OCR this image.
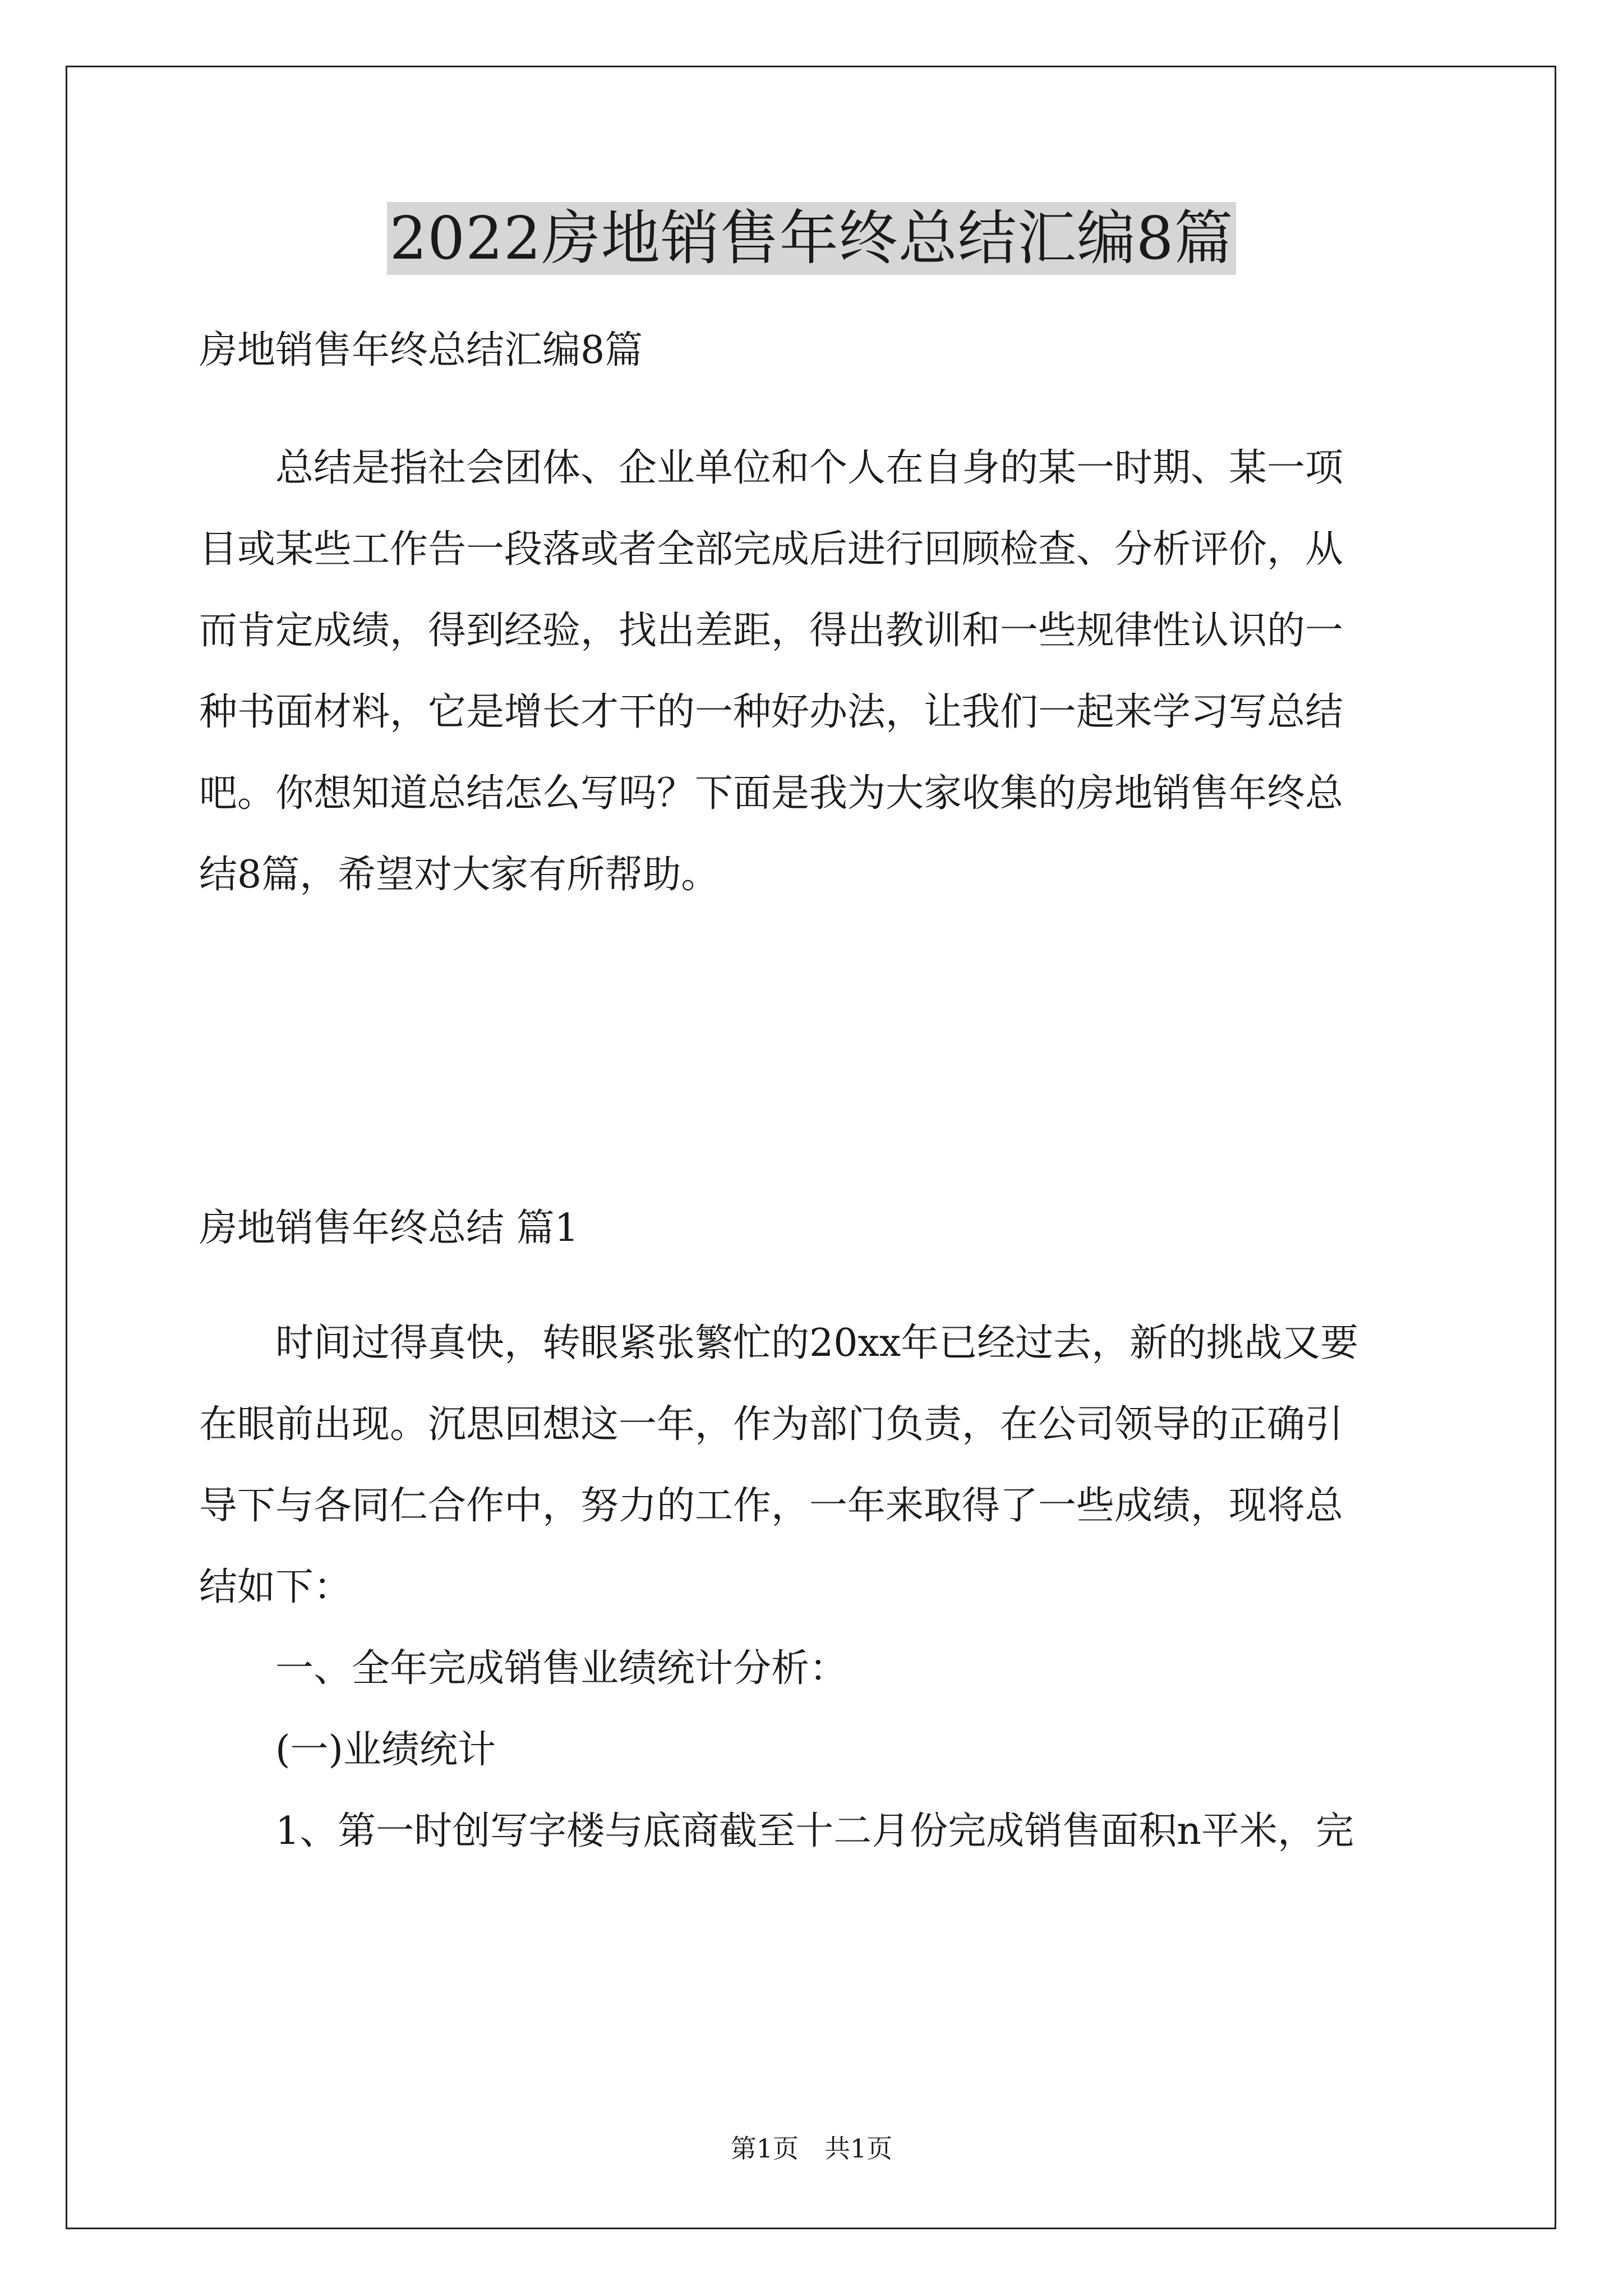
2022房地销售年终总结汇编8篇
房地销售年终总结汇编8篇
　　总结是指社会团体、企业单位和个人在自身的某一时期、某一项
目或某些工作告一段落或者全部完成后进行回顾检查、分析评价，从
而肯定成绩，得到经验，找出差距，得出教训和一些规律性认识的一
种书面材料，它是增长才干的一种好办法，让我们一起来学习写总结
吧。你想知道总结怎么写吗？下面是我为大家收集的房地销售年终总
结8篇，希望对大家有所帮助。
房地销售年终总结 篇1
　　时间过得真快，转眼紧张繁忙的20xx年已经过去，新的挑战又要
在眼前出现。沉思回想这一年，作为部门负责，在公司领导的正确引
导下与各同仁合作中，努力的工作，一年来取得了一些成绩，现将总
结如下：
　　一、全年完成销售业绩统计分析：
　　(一)业绩统计
　　1、第一时创写字楼与底商截至十二月份完成销售面积n平米，完
第1页　共1页
